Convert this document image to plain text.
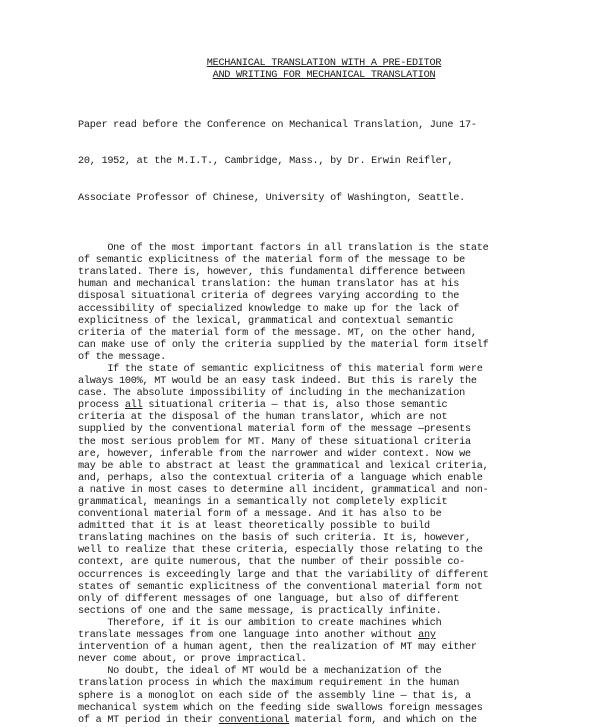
MECHANICAL TRANSLATION WITH A PRE-EDITOR
AND WRITING FOR MECHANICAL TRANSLATION

Paper read before the Conference on Mechanical Translation, June 17-

20, 1952, at the M.I.T., Cambridge, Mass., by Dr. Erwin Reifler,

Associate Professor of Chinese, University of Washington, Seattle.

One of the most important factors in all translation is the state
of semantic explicitness of the material form of the message to be
translated. There is, however, this fundamental difference between
human and mechanical translation: the human translator has at his
disposal situational criteria of degrees varying according to the
accessibility of specialized knowledge to make up for the lack of
explicitness of the lexical, grammatical and contextual semantic
criteria of the material form of the message. MT, on the other hand,
can make use of only the criteria supplied by the material form itself
of the message.
If the state of semantic explicitness of this material form were
always 100%, MT would be an easy task indeed. But this is rarely the
case. The absolute impossibility of including in the mechanization
process all situational criteria — that is, also those semantic
criteria at the disposal of the human translator, which are not
supplied by the conventional material form of the message —presents
the most serious problem for MT. Many of these situational criteria
are, however, inferable from the narrower and wider context. Now we
may be able to abstract at least the grammatical and lexical criteria,
and, perhaps, also the contextual criteria of a language which enable
a native in most cases to determine all incident, grammatical and non-
grammatical, meanings in a semantically not completely explicit
conventional material form of a message. And it has also to be
admitted that it is at least theoretically possible to build
translating machines on the basis of such criteria. It is, however,
well to realize that these criteria, especially those relating to the
context, are quite numerous, that the number of their possible co-
occurrences is exceedingly large and that the variability of different
states of semantic explicitness of the conventional material form not
only of different messages of one language, but also of different
sections of one and the same message, is practically infinite.
Therefore, if it is our ambition to create machines which
translate messages from one language into another without any
intervention of a human agent, then the realization of MT may either
never come about, or prove impractical.
No doubt, the ideal of MT would be a mechanization of the
translation process in which the maximum requirement in the human
sphere is a monoglot on each side of the assembly line — that is, a
mechanical system which on the feeding side swallows foreign messages
of a MT period in their conventional material form, and which on the
